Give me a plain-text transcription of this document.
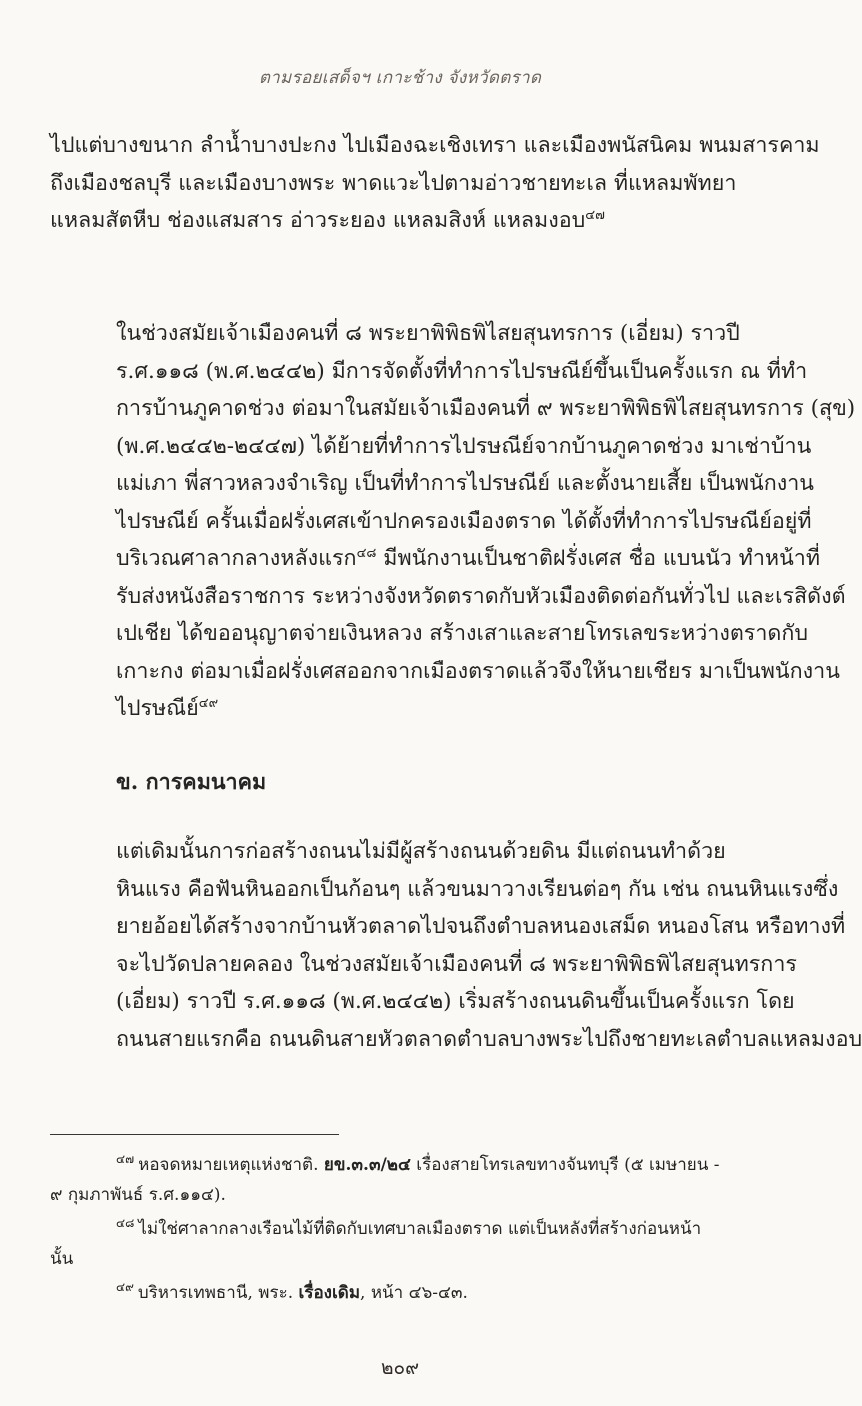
ตามรอยเสด็จฯ เกาะช้าง จังหวัดตราด

ไปแต่บางขนาก ลำน้ำบางปะกง ไปเมืองฉะเชิงเทรา และเมืองพนัสนิคม พนมสารคาม
ถึงเมืองชลบุรี และเมืองบางพระ พาดแวะไปตามอ่าวชายทะเล ที่แหลมพัทยา
แหลมสัตหีบ ช่องแสมสาร อ่าวระยอง แหลมสิงห์ แหลมงอบ$^{๔๗}$

ในช่วงสมัยเจ้าเมืองคนที่ ๘ พระยาพิพิธพิไสยสุนทรการ (เอี่ยม) ราวปี
ร.ศ.๑๑๘ (พ.ศ.๒๔๔๒) มีการจัดตั้งที่ทำการไปรษณีย์ขึ้นเป็นครั้งแรก ณ ที่ทำ
การบ้านภูคาดช่วง ต่อมาในสมัยเจ้าเมืองคนที่ ๙ พระยาพิพิธพิไสยสุนทรการ (สุข)
(พ.ศ.๒๔๔๒-๒๔๔๗) ได้ย้ายที่ทำการไปรษณีย์จากบ้านภูคาดช่วง มาเช่าบ้าน
แม่เภา พี่สาวหลวงจำเริญ เป็นที่ทำการไปรษณีย์ และตั้งนายเสี้ย เป็นพนักงาน
ไปรษณีย์ ครั้นเมื่อฝรั่งเศสเข้าปกครองเมืองตราด ได้ตั้งที่ทำการไปรษณีย์อยู่ที่
บริเวณศาลากลางหลังแรก$^{๔๘}$ มีพนักงานเป็นชาติฝรั่งเศส ชื่อ แบนนัว ทำหน้าที่
รับส่งหนังสือราชการ ระหว่างจังหวัดตราดกับหัวเมืองติดต่อกันทั่วไป และเรสิดังต์
เปเชีย ได้ขออนุญาตจ่ายเงินหลวง สร้างเสาและสายโทรเลขระหว่างตราดกับ
เกาะกง ต่อมาเมื่อฝรั่งเศสออกจากเมืองตราดแล้วจึงให้นายเชียร มาเป็นพนักงาน
ไปรษณีย์$^{๔๙}$

ข. การคมนาคม

แต่เดิมนั้นการก่อสร้างถนนไม่มีผู้สร้างถนนด้วยดิน มีแต่ถนนทำด้วย
หินแรง คือฟันหินออกเป็นก้อนๆ แล้วขนมาวางเรียนต่อๆ กัน เช่น ถนนหินแรงซึ่ง
ยายอ้อยได้สร้างจากบ้านหัวตลาดไปจนถึงตำบลหนองเสม็ด หนองโสน หรือทางที่
จะไปวัดปลายคลอง ในช่วงสมัยเจ้าเมืองคนที่ ๘ พระยาพิพิธพิไสยสุนทรการ
(เอี่ยม) ราวปี ร.ศ.๑๑๘ (พ.ศ.๒๔๔๒) เริ่มสร้างถนนดินขึ้นเป็นครั้งแรก โดย
ถนนสายแรกคือ ถนนดินสายหัวตลาดตำบลบางพระไปถึงชายทะเลตำบลแหลมงอบ

$^{๔๗}$ หอจดหมายเหตุแห่งชาติ. ยข.๓.๓/๒๔ เรื่องสายโทรเลขทางจันทบุรี (๕ เมษายน -
๙ กุมภาพันธ์ ร.ศ.๑๑๔).

$^{๔๘}$ ไม่ใช่ศาลากลางเรือนไม้ที่ติดกับเทศบาลเมืองตราด แต่เป็นหลังที่สร้างก่อนหน้า
นั้น

$^{๔๙}$ บริหารเทพธานี, พระ. เรื่องเดิม, หน้า ๔๖-๔๓.

๒๐๙
